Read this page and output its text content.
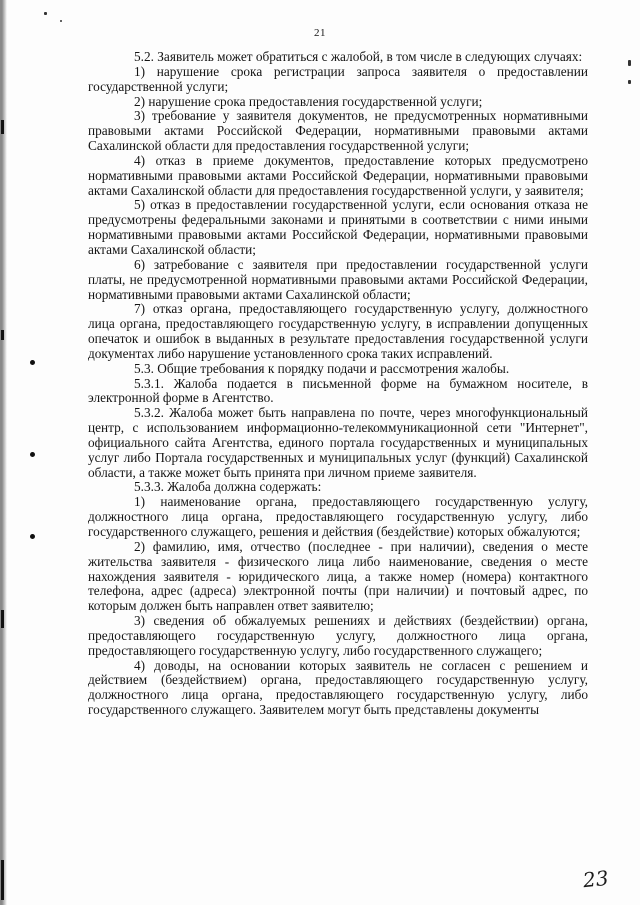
21

5.2. Заявитель может обратиться с жалобой, в том числе в следующих случаях:

1) нарушение срока регистрации запроса заявителя о предоставлении государственной услуги;

2) нарушение срока предоставления государственной услуги;

3) требование у заявителя документов, не предусмотренных нормативными правовыми актами Российской Федерации, нормативными правовыми актами Сахалинской области для предоставления государственной услуги;

4) отказ в приеме документов, предоставление которых предусмотрено нормативными правовыми актами Российской Федерации, нормативными правовыми актами Сахалинской области для предоставления государственной услуги, у заявителя;

5) отказ в предоставлении государственной услуги, если основания отказа не предусмотрены федеральными законами и принятыми в соответствии с ними иными нормативными правовыми актами Российской Федерации, нормативными правовыми актами Сахалинской области;

6) затребование с заявителя при предоставлении государственной услуги платы, не предусмотренной нормативными правовыми актами Российской Федерации, нормативными правовыми актами Сахалинской области;

7) отказ органа, предоставляющего государственную услугу, должностного лица органа, предоставляющего государственную услугу, в исправлении допущенных опечаток и ошибок в выданных в результате предоставления государственной услуги документах либо нарушение установленного срока таких исправлений.

5.3. Общие требования к порядку подачи и рассмотрения жалобы.

5.3.1. Жалоба подается в письменной форме на бумажном носителе, в электронной форме в Агентство.

5.3.2. Жалоба может быть направлена по почте, через многофункциональный центр, с использованием информационно-телекоммуникационной сети "Интернет", официального сайта Агентства, единого портала государственных и муниципальных услуг либо Портала государственных и муниципальных услуг (функций) Сахалинской области, а также может быть принята при личном приеме заявителя.

5.3.3. Жалоба должна содержать:

1) наименование органа, предоставляющего государственную услугу, должностного лица органа, предоставляющего государственную услугу, либо государственного служащего, решения и действия (бездействие) которых обжалуются;

2) фамилию, имя, отчество (последнее - при наличии), сведения о месте жительства заявителя - физического лица либо наименование, сведения о месте нахождения заявителя - юридического лица, а также номер (номера) контактного телефона, адрес (адреса) электронной почты (при наличии) и почтовый адрес, по которым должен быть направлен ответ заявителю;

3) сведения об обжалуемых решениях и действиях (бездействии) органа, предоставляющего государственную услугу, должностного лица органа, предоставляющего государственную услугу, либо государственного служащего;

4) доводы, на основании которых заявитель не согласен с решением и действием (бездействием) органа, предоставляющего государственную услугу, должностного лица органа, предоставляющего государственную услугу, либо государственного служащего. Заявителем могут быть представлены документы

23
